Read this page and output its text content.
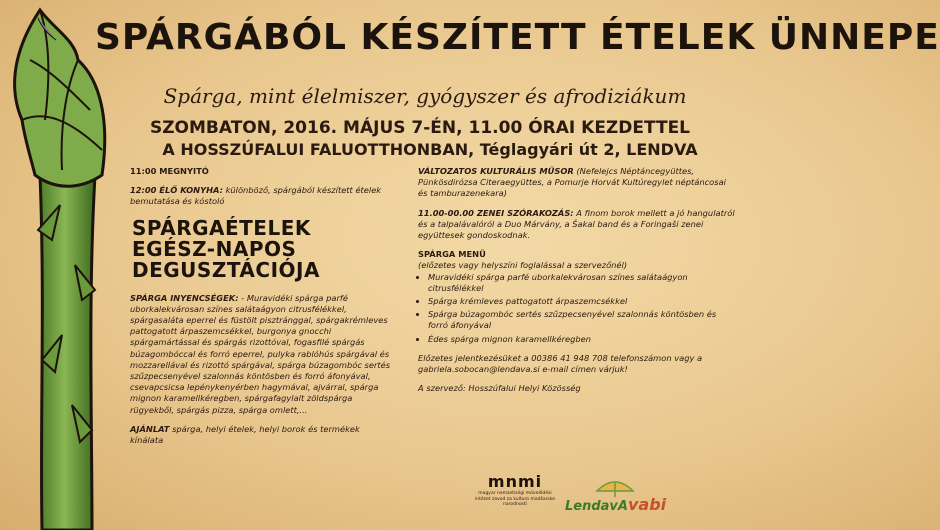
SPÁRGÁBÓL KÉSZÍTETT ÉTELEK ÜNNEPE
Spárga, mint élelmiszer, gyógyszer és afrodiziákum
SZOMBATON, 2016. MÁJUS 7-ÉN, 11.00 ÓRAI KEZDETTEL
A HOSSZÚFALUI FALUOTTHONBAN, Téglagyári út 2, LENDVA

11:00 MEGNYITÓ

12:00 ÉLŐ KONYHA: különböző, spárgából készített ételek bemutatása és kóstoló

SPÁRGAÉTELEK EGÉSZ-NAPOS DEGUSZTÁCIÓJA

SPÁRGA INYENCSÉGEK: - Muravidéki spárga parfé uborkalekvárosan színes salátaágyon citrusfélékkel, spárgasaláta eperrel és füstölt pisztránggal, spárgakrémleves pattogatott árpaszemcsékkel, burgonya gnocchi spárgamártással és spárgás rizottóval, fogasfilé spárgás búzagombóccal és forró eperrel, pulyka rablóhús spárgával és mozzarellával és rizottó spárgával, spárga búzagombóc sertés szűzpecsenyével szalonnás köntösben és forró áfonyával, csevapcsicsa lepénykenyérben hagymával, ajvárral, spárga mignon karamellkéregben, spárgafagylalt zöldspárga rügyekből, spárgás pizza, spárga omlett,...

AJÁNLAT spárga, helyi ételek, helyi borok és termékek kínálata

VÁLTOZATOS KULTURÁLIS MŰSOR (Nefelejcs Néptáncegyüttes, Pünkösdirózsa Citeraegyüttes, a Pomurje Horvát Kultúregylet néptáncosai és tamburazenekara)

11.00-00.00 ZENEI SZÓRAKOZÁS: A finom borok mellett a jó hangulatról és a talpalávalóról a Duo Márvány, a Šakal band és a Foringaši zenei együttesek gondoskodnak.

SPÁRGA MENÜ
(előzetes vagy helyszíni foglalással a szervezőnél)
• Muravidéki spárga parfé uborkalekvárosan színes salátaágyon citrusfélékkel
• Spárga krémleves pattogatott árpaszemcsékkel
• Spárga búzagombóc sertés szűzpecsenyével szalonnás köntösben és forró áfonyával
• Édes spárga mignon karamellkéregben

Előzetes jelentkezésüket a 00386 41 948 708 telefonszámon vagy a gabriela.sobocan@lendava.si e-mail címen várjuk!

A szervező: Hosszúfalui Helyi Közösség

mnmi
magyar nemzetiségi művelődési intézet zavod za kulturo madžarske narodnosti	LendavAvabi
